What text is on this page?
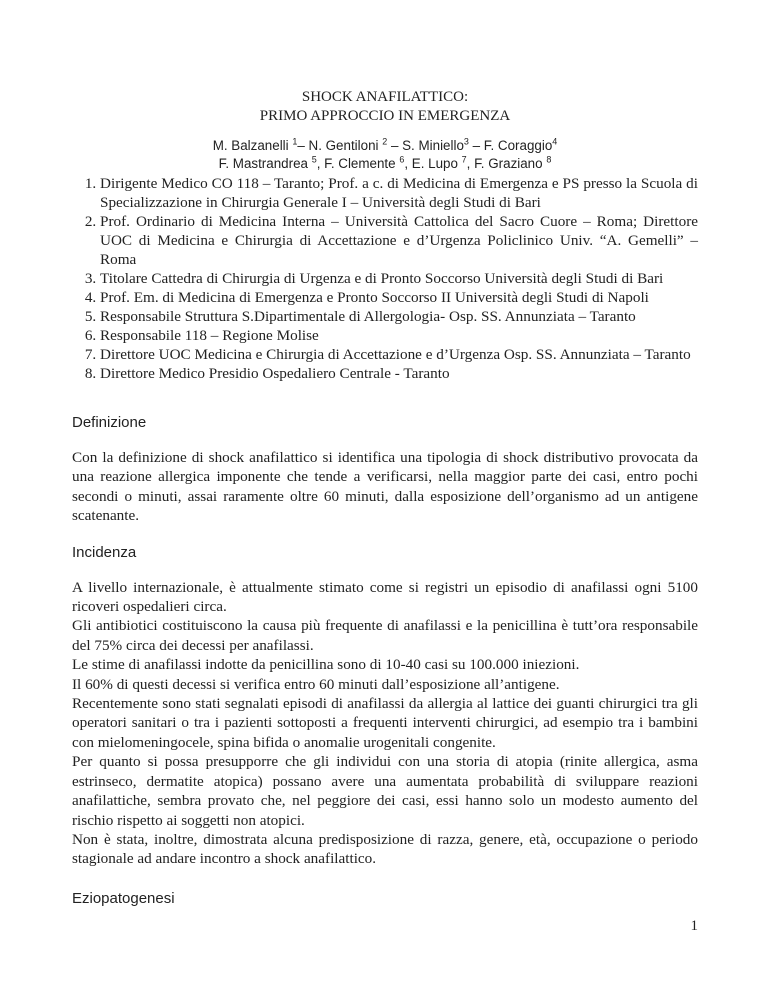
SHOCK ANAFILATTICO:
PRIMO APPROCCIO IN EMERGENZA
M. Balzanelli $^1$– N. Gentiloni $^2$ – S. Miniello$^3$ – F. Coraggio$^4$
F. Mastrandrea $^5$, F. Clemente $^6$, E. Lupo $^7$, F. Graziano $^8$
1. Dirigente Medico CO 118 – Taranto; Prof. a c. di Medicina di Emergenza e PS presso la Scuola di Specializzazione in Chirurgia Generale I – Università degli Studi di Bari
2. Prof. Ordinario di Medicina Interna – Università Cattolica del Sacro Cuore – Roma; Direttore UOC di Medicina e Chirurgia di Accettazione e d’Urgenza Policlinico Univ. “A. Gemelli” – Roma
3. Titolare Cattedra di Chirurgia di Urgenza e di Pronto Soccorso Università degli Studi di Bari
4. Prof. Em. di Medicina di Emergenza e Pronto Soccorso II Università degli Studi di Napoli
5. Responsabile Struttura S.Dipartimentale di Allergologia- Osp. SS. Annunziata – Taranto
6. Responsabile 118 – Regione Molise
7. Direttore UOC Medicina e Chirurgia di Accettazione e d’Urgenza Osp. SS. Annunziata – Taranto
8. Direttore Medico Presidio Ospedaliero Centrale - Taranto
Definizione

Con la definizione di shock anafilattico si identifica una tipologia di shock distributivo provocata da una reazione allergica imponente che tende a verificarsi, nella maggior parte dei casi, entro pochi secondi o minuti, assai raramente oltre 60 minuti, dalla esposizione dell’organismo ad un antigene scatenante.

Incidenza

A livello internazionale, è attualmente stimato come si registri un episodio di anafilassi ogni 5100 ricoveri ospedalieri circa.

Gli antibiotici costituiscono la causa più frequente di anafilassi e la penicillina è tutt’ora responsabile del 75% circa dei decessi per anafilassi.

Le stime di anafilassi indotte da penicillina sono di 10-40 casi su 100.000 iniezioni.

Il 60% di questi decessi si verifica entro 60 minuti dall’esposizione all’antigene.

Recentemente sono stati segnalati episodi di anafilassi da allergia al lattice dei guanti chirurgici tra gli operatori sanitari o tra i pazienti sottoposti a frequenti interventi chirurgici, ad esempio tra i bambini con mielomeningocele, spina bifida o anomalie urogenitali congenite.

Per quanto si possa presupporre che gli individui con una storia di atopia (rinite allergica, asma estrinseco, dermatite atopica) possano avere una aumentata probabilità di sviluppare reazioni anafilattiche, sembra provato che, nel peggiore dei casi, essi hanno solo un modesto aumento del rischio rispetto ai soggetti non atopici.

Non è stata, inoltre, dimostrata alcuna predisposizione di razza, genere, età, occupazione o periodo stagionale ad andare incontro a shock anafilattico.

Eziopatogenesi
1
